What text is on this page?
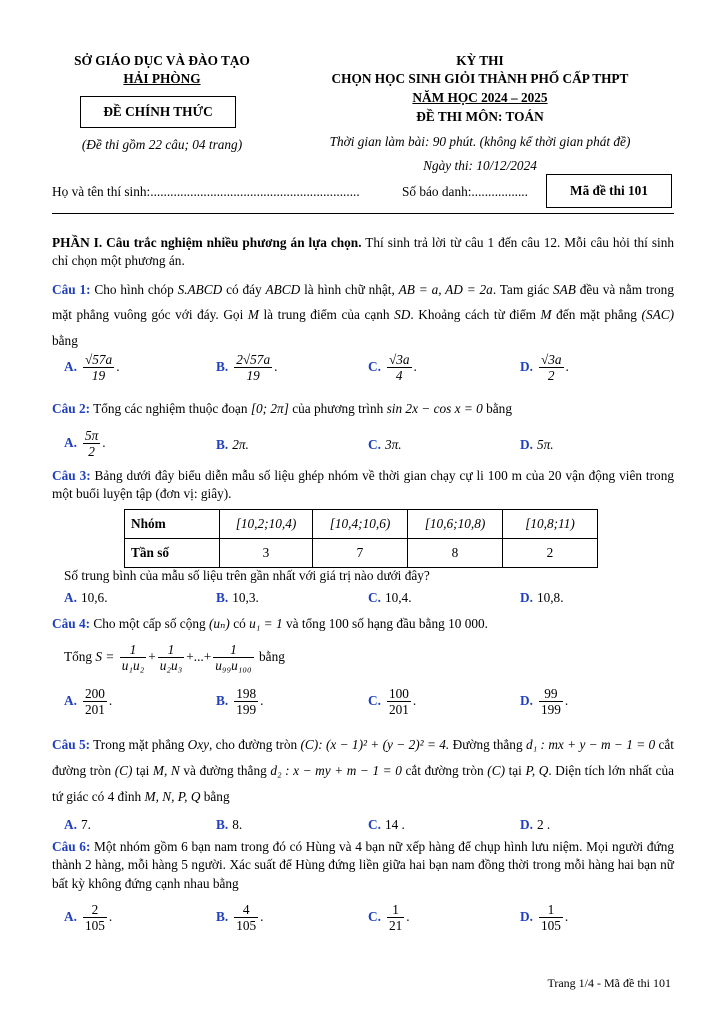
SỞ GIÁO DỤC VÀ ĐÀO TẠO
HẢI PHÒNG
ĐỀ CHÍNH THỨC
(Đề thi gồm 22 câu; 04 trang)
KỲ THI
CHỌN HỌC SINH GIỎI THÀNH PHỐ CẤP THPT
NĂM HỌC 2024 – 2025
ĐỀ THI MÔN: TOÁN
Thời gian làm bài: 90 phút. (không kể thời gian phát đề)
Ngày thi: 10/12/2024
Họ và tên thí sinh:...............................................................	Số báo danh:.................	Mã đề thi 101
PHẦN I. Câu trắc nghiệm nhiều phương án lựa chọn. Thí sinh trả lời từ câu 1 đến câu 12. Mỗi câu hỏi thí sinh chỉ chọn một phương án.
Câu 1: Cho hình chóp S.ABCD có đáy ABCD là hình chữ nhật, AB = a, AD = 2a. Tam giác SAB đều và nằm trong mặt phẳng vuông góc với đáy. Gọi M là trung điểm của cạnh SD. Khoảng cách từ điểm M đến mặt phẳng (SAC) bằng
A. $\frac{√57a}{19}$ .	B. $\frac{2√57a}{19}$ .	C. $\frac{√3a}{4}$ .	D. $\frac{√3a}{2}$ .
Câu 2: Tổng các nghiệm thuộc đoạn [0; 2π] của phương trình sin 2x − cos x = 0 bằng
A. $\frac{5\pi}{2}$ .	B. 2π.	C. 3π.	D. 5π.
Câu 3: Bảng dưới đây biểu diễn mẫu số liệu ghép nhóm về thời gian chạy cự li 100 m của 20 vận động viên trong một buổi luyện tập (đơn vị: giây).
Nhóm	[10,2;10,4)	[10,4;10,6)	[10,6;10,8)	[10,8;11)
Tần số	3	7	8	2
Số trung bình của mẫu số liệu trên gần nhất với giá trị nào dưới đây?
A. 10,6.	B. 10,3.	C. 10,4.	D. 10,8.
Câu 4: Cho một cấp số cộng (uₙ) có u₁ = 1 và tổng 100 số hạng đầu bằng 10 000.
Tổng $S = \frac{1}{\text{u₁u₂}} + \frac{1}{\text{u₂u₃}}$ +...+ $\frac{1}{\text{u₉₉u₁₀₀}}$ bằng
A. $\frac{200}{201}$ .	B. $\frac{198}{199}$ .	C. $\frac{100}{201}$ .	D. $\frac{99}{199}$ .
Câu 5: Trong mặt phẳng Oxy, cho đường tròn (C): (x − 1)² + (y − 2)² = 4. Đường thẳng d₁ : mx + y − m − 1 = 0 cắt đường tròn (C) tại M, N và đường thẳng d₂ : x − my + m − 1 = 0 cắt đường tròn (C) tại P, Q. Diện tích lớn nhất của tứ giác có 4 đỉnh M, N, P, Q bằng
A. 7.	B. 8.	C. 14 .	D. 2 .
Câu 6: Một nhóm gồm 6 bạn nam trong đó có Hùng và 4 bạn nữ xếp hàng để chụp hình lưu niệm. Mọi người đứng thành 2 hàng, mỗi hàng 5 người. Xác suất để Hùng đứng liền giữa hai bạn nam đồng thời trong mỗi hàng hai bạn nữ bất kỳ không đứng cạnh nhau bằng
A. $\frac{2}{105}$ .	B. $\frac{4}{105}$ .	C. $\frac{1}{21}$ .	D. $\frac{1}{105}$ .
Trang 1/4 - Mã đề thi 101
